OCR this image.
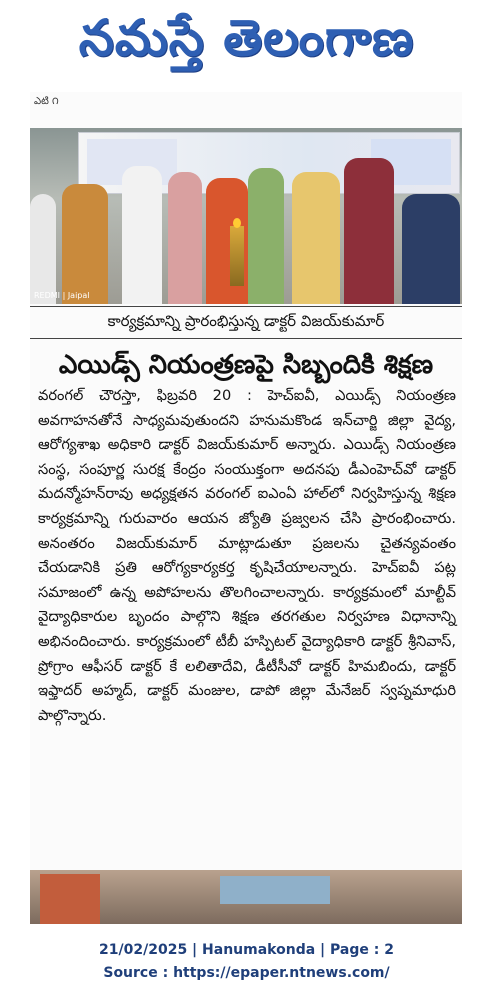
నమస్తే తెలంగాణ
ఎటి ౧
REDMI | Jaipal
కార్యక్రమాన్ని ప్రారంభిస్తున్న డాక్టర్ విజయ్‌కుమార్
ఎయిడ్స్ నియంత్రణపై సిబ్బందికి శిక్షణ

వరంగల్ చౌరస్తా, ఫిబ్రవరి 20 : హెచ్ఐవీ, ఎయిడ్స్ నియంత్రణ అవగాహనతోనే సాధ్యమవుతుందని హనుమకొండ ఇన్‌చార్జి జిల్లా వైద్య, ఆరోగ్యశాఖ అధికారి డాక్టర్ విజయ్‌కుమార్ అన్నారు. ఎయిడ్స్ నియంత్రణ సంస్థ, సంపూర్ణ సురక్ష కేంద్రం సంయుక్తంగా అదనపు డీఎంహెచ్‌వో డాక్టర్ మదన్మోహన్‌రావు అధ్యక్షతన వరంగల్ ఐఎంఏ హాల్‌లో నిర్వహిస్తున్న శిక్షణ కార్యక్రమాన్ని గురువారం ఆయన జ్యోతి ప్రజ్వలన చేసి ప్రారంభించారు. అనంతరం విజయ్‌కుమార్ మాట్లాడుతూ ప్రజలను చైతన్యవంతం చేయడానికి ప్రతి ఆరోగ్యకార్యకర్త కృషిచేయాలన్నారు. హెచ్ఐవీ పట్ల సమాజంలో ఉన్న అపోహలను తొలగించాలన్నారు. కార్యక్రమంలో మాల్టీవ్ వైద్యాధికారుల బృందం పాల్గొని శిక్షణ తరగతుల నిర్వహణ విధానాన్ని అభినందించారు. కార్యక్రమంలో టీబీ హస్పిటల్ వైద్యాధికారి డాక్టర్ శ్రీనివాస్, ప్రోగ్రాం ఆఫీసర్ డాక్టర్ కే లలితాదేవి, డీటీసీవో డాక్టర్ హిమబిందు, డాక్టర్ ఇఫ్తాదర్ అహ్మద్, డాక్టర్ మంజుల, డాపో జిల్లా మేనేజర్ స్వప్నమాధురి పాల్గొన్నారు.

21/02/2025 | Hanumakonda | Page : 2
Source : https://epaper.ntnews.com/
